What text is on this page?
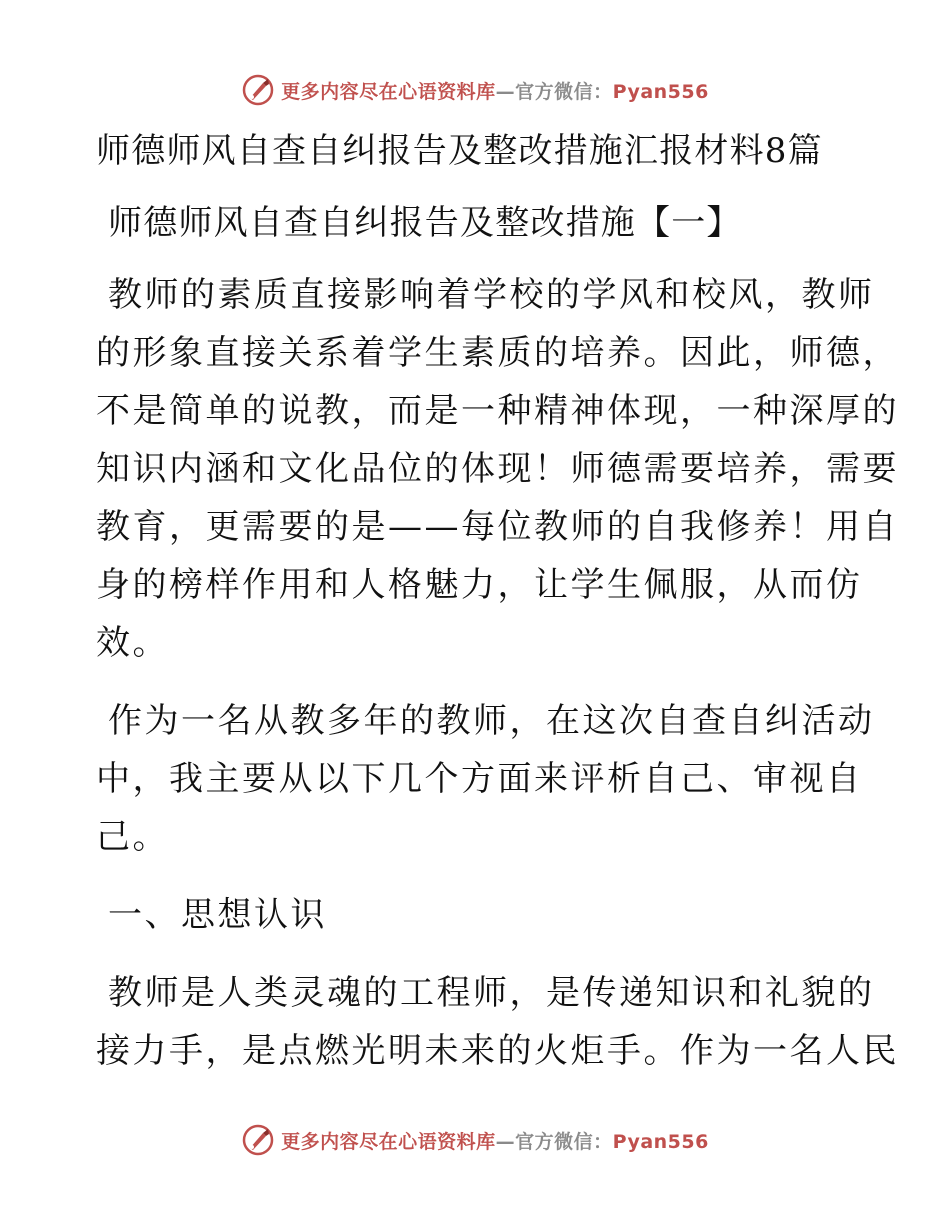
更多内容尽在心语资料库—官方微信：Pyan556
师德师风自查自纠报告及整改措施汇报材料8篇
师德师风自查自纠报告及整改措施【一】
教师的素质直接影响着学校的学风和校风，教师
的形象直接关系着学生素质的培养。因此，师德，
不是简单的说教，而是一种精神体现，一种深厚的
知识内涵和文化品位的体现！师德需要培养，需要
教育，更需要的是——每位教师的自我修养！用自
身的榜样作用和人格魅力，让学生佩服，从而仿
效。
作为一名从教多年的教师，在这次自查自纠活动
中，我主要从以下几个方面来评析自己、审视自
己。
一、思想认识
教师是人类灵魂的工程师，是传递知识和礼貌的
接力手，是点燃光明未来的火炬手。作为一名人民
更多内容尽在心语资料库—官方微信：Pyan556
